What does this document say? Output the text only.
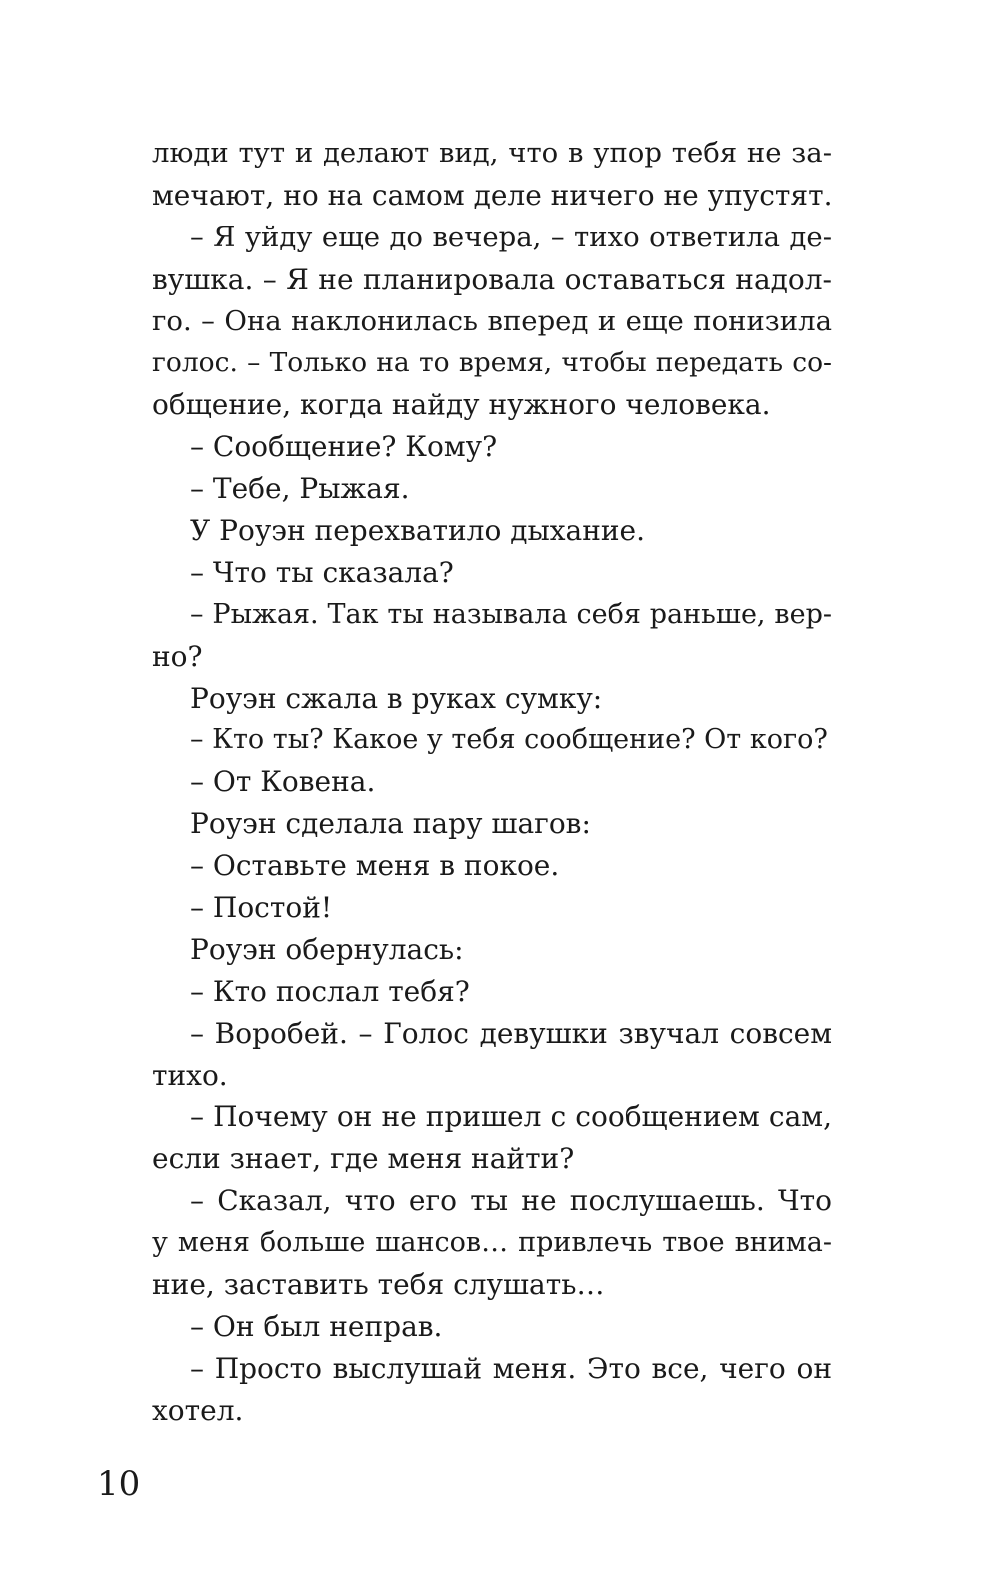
люди тут и делают вид, что в упор тебя не за-
мечают, но на самом деле ничего не упустят.
– Я уйду еще до вечера, – тихо ответила де-
вушка. – Я не планировала оставаться надол-
го. – Она наклонилась вперед и еще понизила
голос. – Только на то время, чтобы передать со-
общение, когда найду нужного человека.
– Сообщение? Кому?
– Тебе, Рыжая.
У Роуэн перехватило дыхание.
– Что ты сказала?
– Рыжая. Так ты называла себя раньше, вер-
но?
Роуэн сжала в руках сумку:
– Кто ты? Какое у тебя сообщение? От кого?
– От Ковена.
Роуэн сделала пару шагов:
– Оставьте меня в покое.
– Постой!
Роуэн обернулась:
– Кто послал тебя?
– Воробей. – Голос девушки звучал совсем
тихо.
– Почему он не пришел с сообщением сам,
если знает, где меня найти?
– Сказал, что его ты не послушаешь. Что
у меня больше шансов… привлечь твое внима-
ние, заставить тебя слушать…
– Он был неправ.
– Просто выслушай меня. Это все, чего он
хотел.
10
